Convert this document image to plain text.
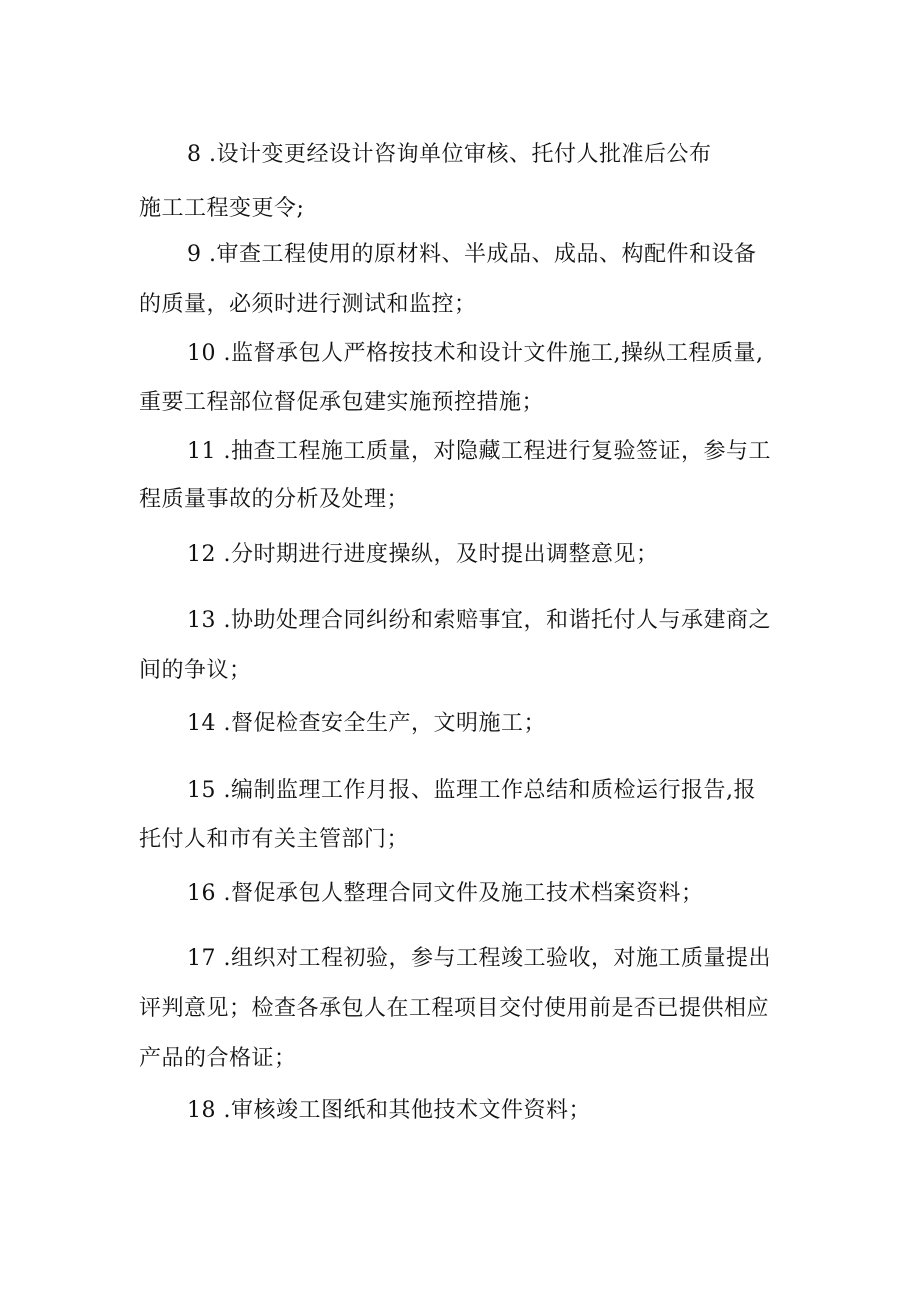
8 .设计变更经设计咨询单位审核、托付人批准后公布
施工工程变更令;
9 .审查工程使用的原材料、半成品、成品、构配件和设备
的质量，必须时进行测试和监控；
10 .监督承包人严格按技术和设计文件施工,操纵工程质量,
重要工程部位督促承包建实施预控措施；
11 .抽查工程施工质量，对隐藏工程进行复验签证，参与工
程质量事故的分析及处理；
12 .分时期进行进度操纵，及时提出调整意见；
13 .协助处理合同纠纷和索赔事宜，和谐托付人与承建商之
间的争议；
14 .督促检查安全生产，文明施工；
15 .编制监理工作月报、监理工作总结和质检运行报告,报
托付人和市有关主管部门；
16 .督促承包人整理合同文件及施工技术档案资料；
17 .组织对工程初验，参与工程竣工验收，对施工质量提出
评判意见；检查各承包人在工程项目交付使用前是否已提供相应
产品的合格证；
18 .审核竣工图纸和其他技术文件资料；
